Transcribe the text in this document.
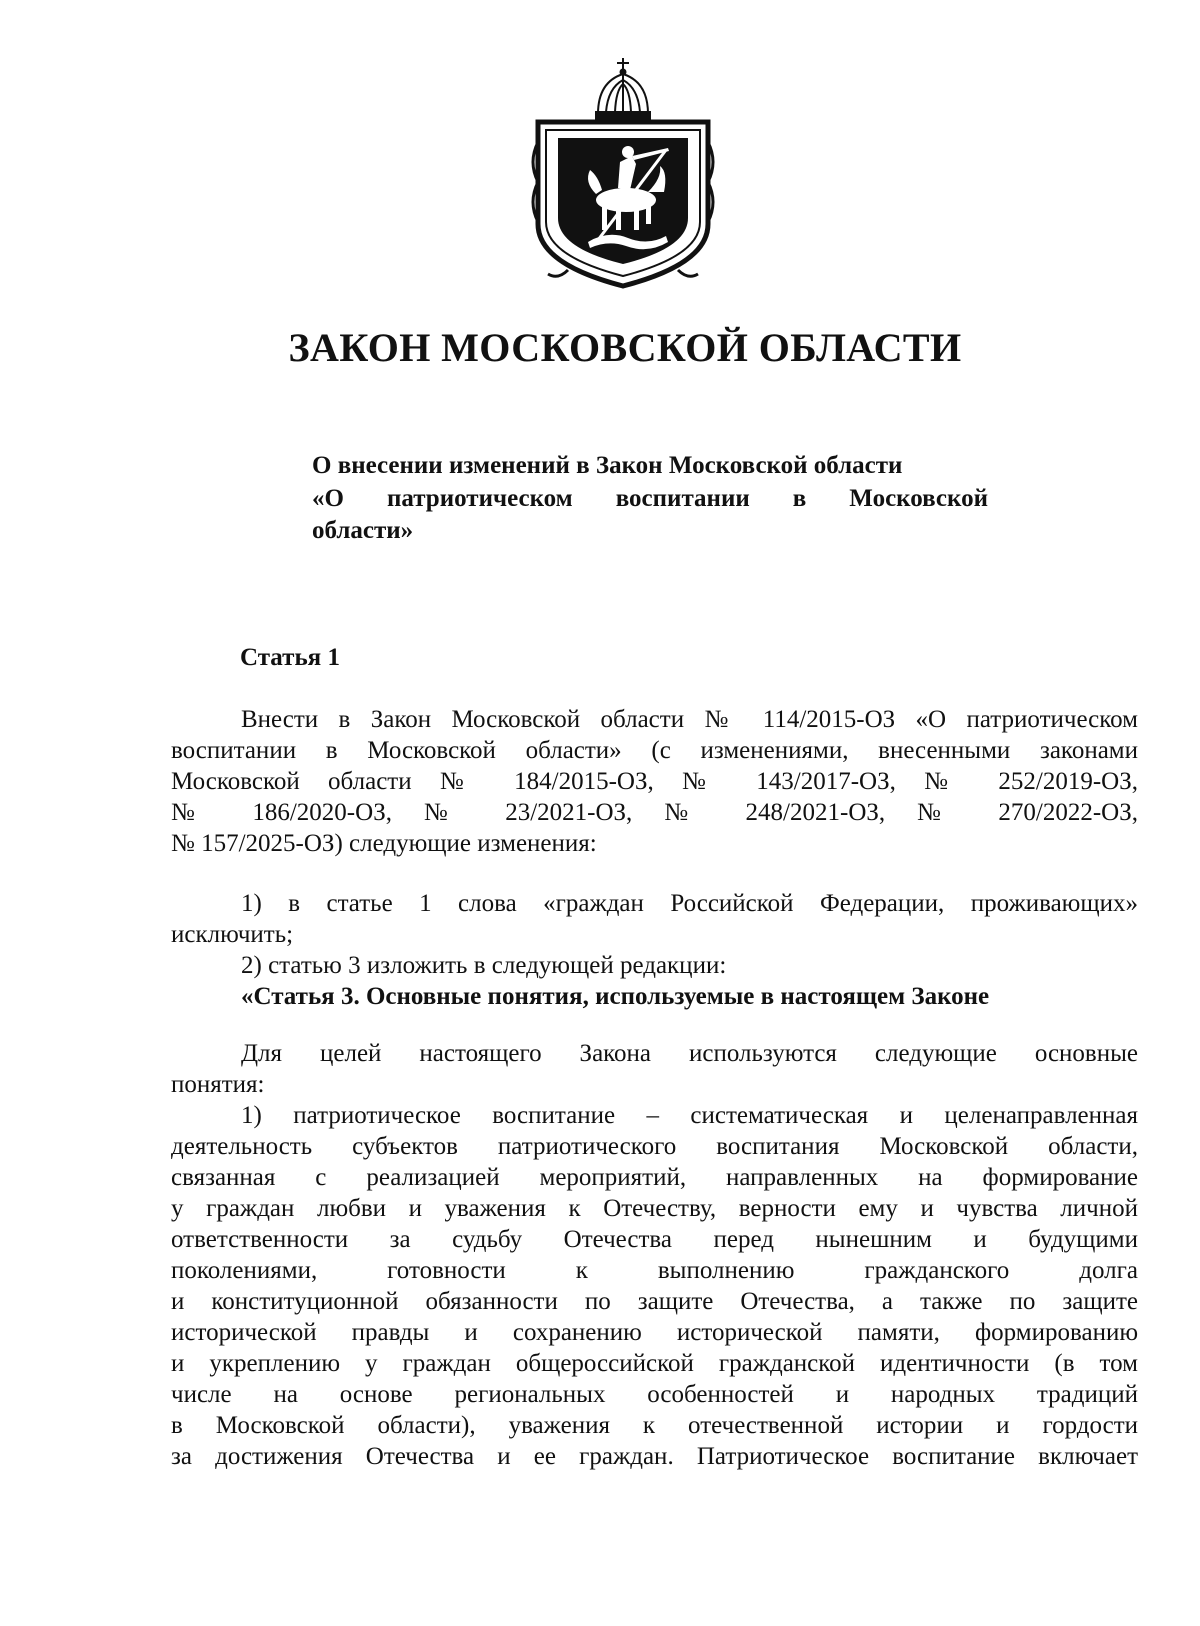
ЗАКОН МОСКОВСКОЙ ОБЛАСТИ

О внесении изменений в Закон Московской области
«О патриотическом воспитании в Московской
области»

Статья 1
Внести в Закон Московской области № 114/2015-ОЗ «О патриотическом
воспитании в Московской области» (с изменениями, внесенными законами
Московской области № 184/2015-ОЗ, № 143/2017-ОЗ, № 252/2019-ОЗ,
№ 186/2020-ОЗ, № 23/2021-ОЗ, № 248/2021-ОЗ, № 270/2022-ОЗ,
№ 157/2025-ОЗ) следующие изменения:
1) в статье 1 слова «граждан Российской Федерации, проживающих»
исключить;
2) статью 3 изложить в следующей редакции:
«Статья 3. Основные понятия, используемые в настоящем Законе
Для целей настоящего Закона используются следующие основные
понятия:
1) патриотическое воспитание – систематическая и целенаправленная
деятельность субъектов патриотического воспитания Московской области,
связанная с реализацией мероприятий, направленных на формирование
у граждан любви и уважения к Отечеству, верности ему и чувства личной
ответственности за судьбу Отечества перед нынешним и будущими
поколениями, готовности к выполнению гражданского долга
и конституционной обязанности по защите Отечества, а также по защите
исторической правды и сохранению исторической памяти, формированию
и укреплению у граждан общероссийской гражданской идентичности (в том
числе на основе региональных особенностей и народных традиций
в Московской области), уважения к отечественной истории и гордости
за достижения Отечества и ее граждан. Патриотическое воспитание включает
